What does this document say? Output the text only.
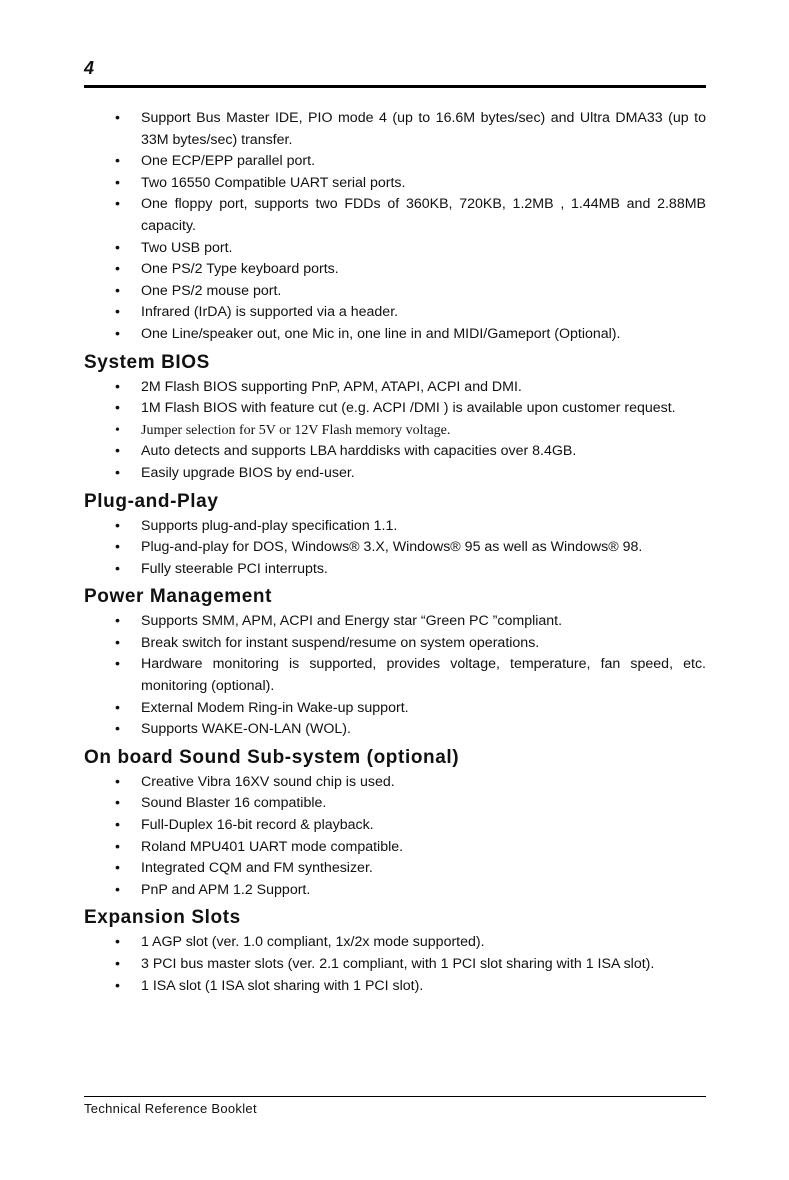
4
• Support Bus Master IDE, PIO mode 4 (up to 16.6M bytes/sec) and Ultra DMA33 (up to 33M bytes/sec) transfer.
• One ECP/EPP parallel port.
• Two 16550 Compatible UART serial ports.
• One floppy port, supports two FDDs of 360KB, 720KB, 1.2MB , 1.44MB and 2.88MB capacity.
• Two USB port.
• One PS/2 Type keyboard ports.
• One PS/2 mouse port.
• Infrared (IrDA) is supported via a header.
• One Line/speaker out, one Mic in, one line in and MIDI/Gameport (Optional).
System BIOS
• 2M Flash BIOS supporting PnP, APM, ATAPI, ACPI and DMI.
• 1M Flash BIOS with feature cut (e.g. ACPI /DMI ) is available upon customer request.
• Jumper selection for 5V or 12V Flash memory voltage.
• Auto detects and supports LBA harddisks with capacities over 8.4GB.
• Easily upgrade BIOS by end-user.
Plug-and-Play
• Supports plug-and-play specification 1.1.
• Plug-and-play for DOS, Windows® 3.X, Windows® 95 as well as Windows® 98.
• Fully steerable PCI interrupts.
Power Management
• Supports SMM, APM, ACPI and Energy star “Green PC ”compliant.
• Break switch for instant suspend/resume on system operations.
• Hardware monitoring is supported, provides voltage, temperature, fan speed, etc. monitoring (optional).
• External Modem Ring-in Wake-up support.
• Supports WAKE-ON-LAN (WOL).
On board Sound Sub-system (optional)
• Creative Vibra 16XV sound chip is used.
• Sound Blaster 16 compatible.
• Full-Duplex 16-bit record & playback.
• Roland MPU401 UART mode compatible.
• Integrated CQM and FM synthesizer.
• PnP and APM 1.2 Support.
Expansion Slots
• 1 AGP slot (ver. 1.0 compliant, 1x/2x mode supported).
• 3 PCI bus master slots (ver. 2.1 compliant, with 1 PCI slot sharing with 1 ISA slot).
• 1 ISA slot (1 ISA slot sharing with 1 PCI slot).
Technical Reference Booklet
